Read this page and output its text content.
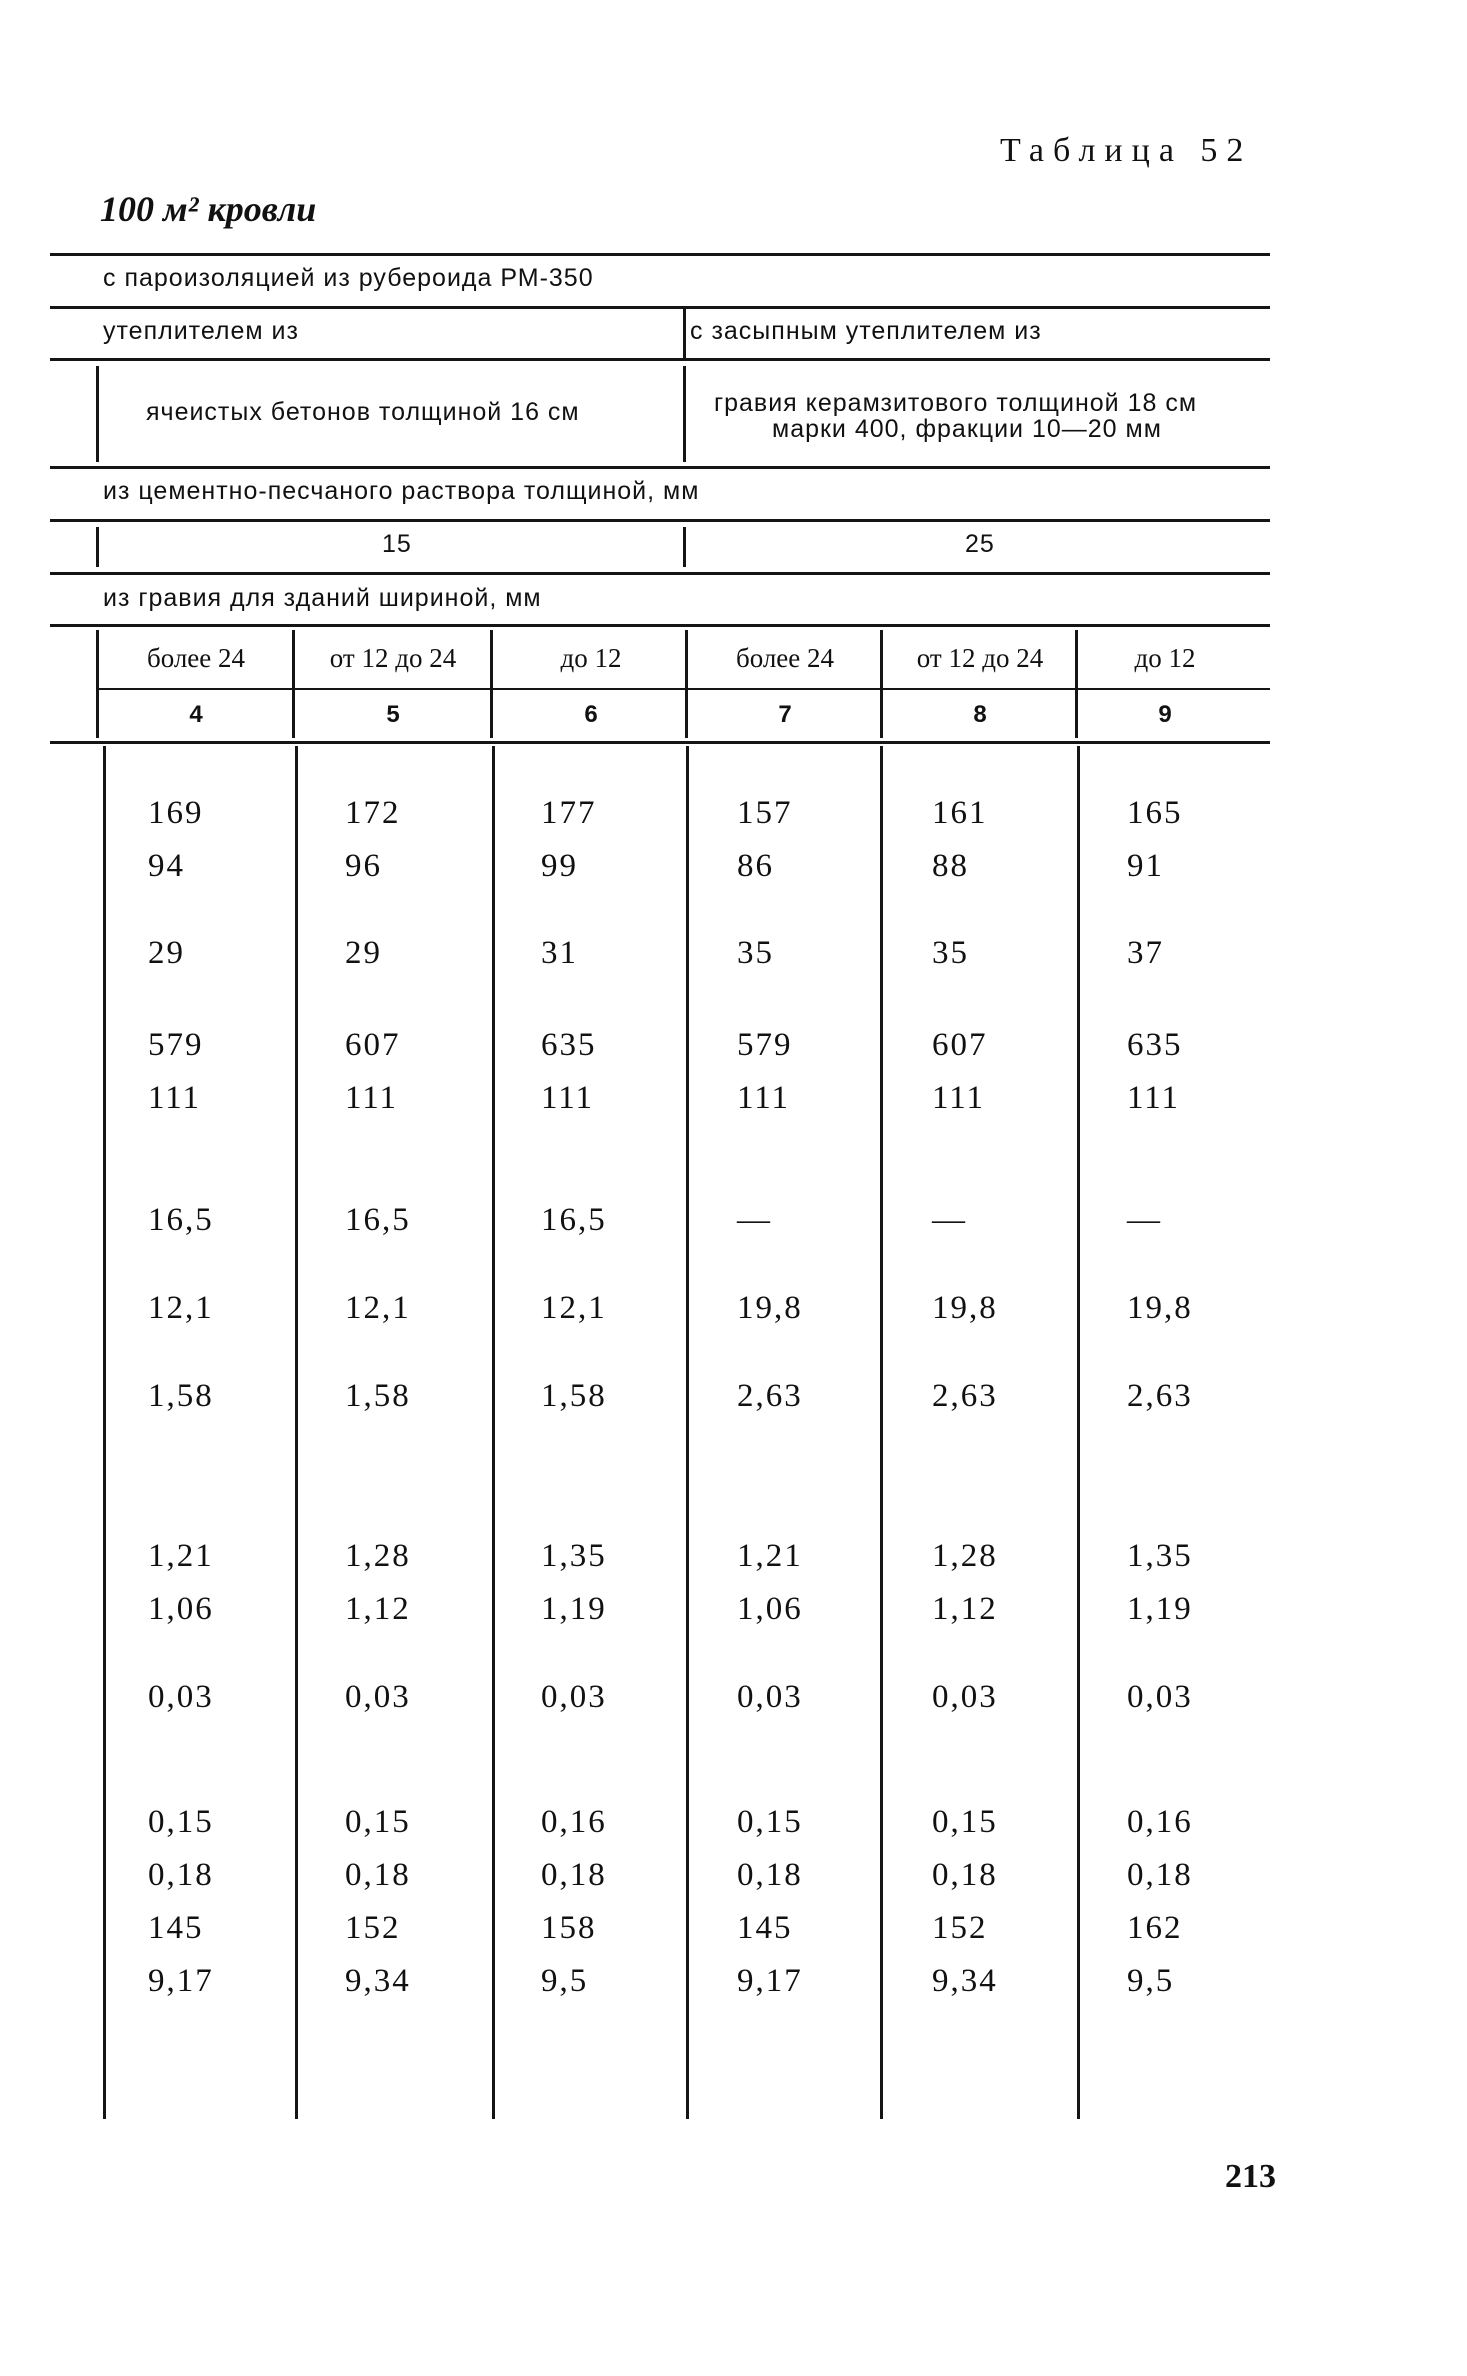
Таблица 52
100 м² кровли
с пароизоляцией из рубероида РМ-350
утеплителем из	с засыпным утеплителем из
ячеистых бетонов толщиной 16 см	гравия керамзитового толщиной 18 см
марки 400, фракции 10—20 мм
из цементно-песчаного раствора толщиной, мм
15	25
из гравия для зданий шириной, мм
более 24	от 12 до 24	до 12	более 24	от 12 до 24	до 12
4	5	6	7	8	9
169	172	177	157	161	165
94	96	99	86	88	91
29	29	31	35	35	37
579	607	635	579	607	635
111	111	111	111	111	111
16,5	16,5	16,5	—	—	—
12,1	12,1	12,1	19,8	19,8	19,8
1,58	1,58	1,58	2,63	2,63	2,63
1,21	1,28	1,35	1,21	1,28	1,35
1,06	1,12	1,19	1,06	1,12	1,19
0,03	0,03	0,03	0,03	0,03	0,03
0,15	0,15	0,16	0,15	0,15	0,16
0,18	0,18	0,18	0,18	0,18	0,18
145	152	158	145	152	162
9,17	9,34	9,5	9,17	9,34	9,5
213
